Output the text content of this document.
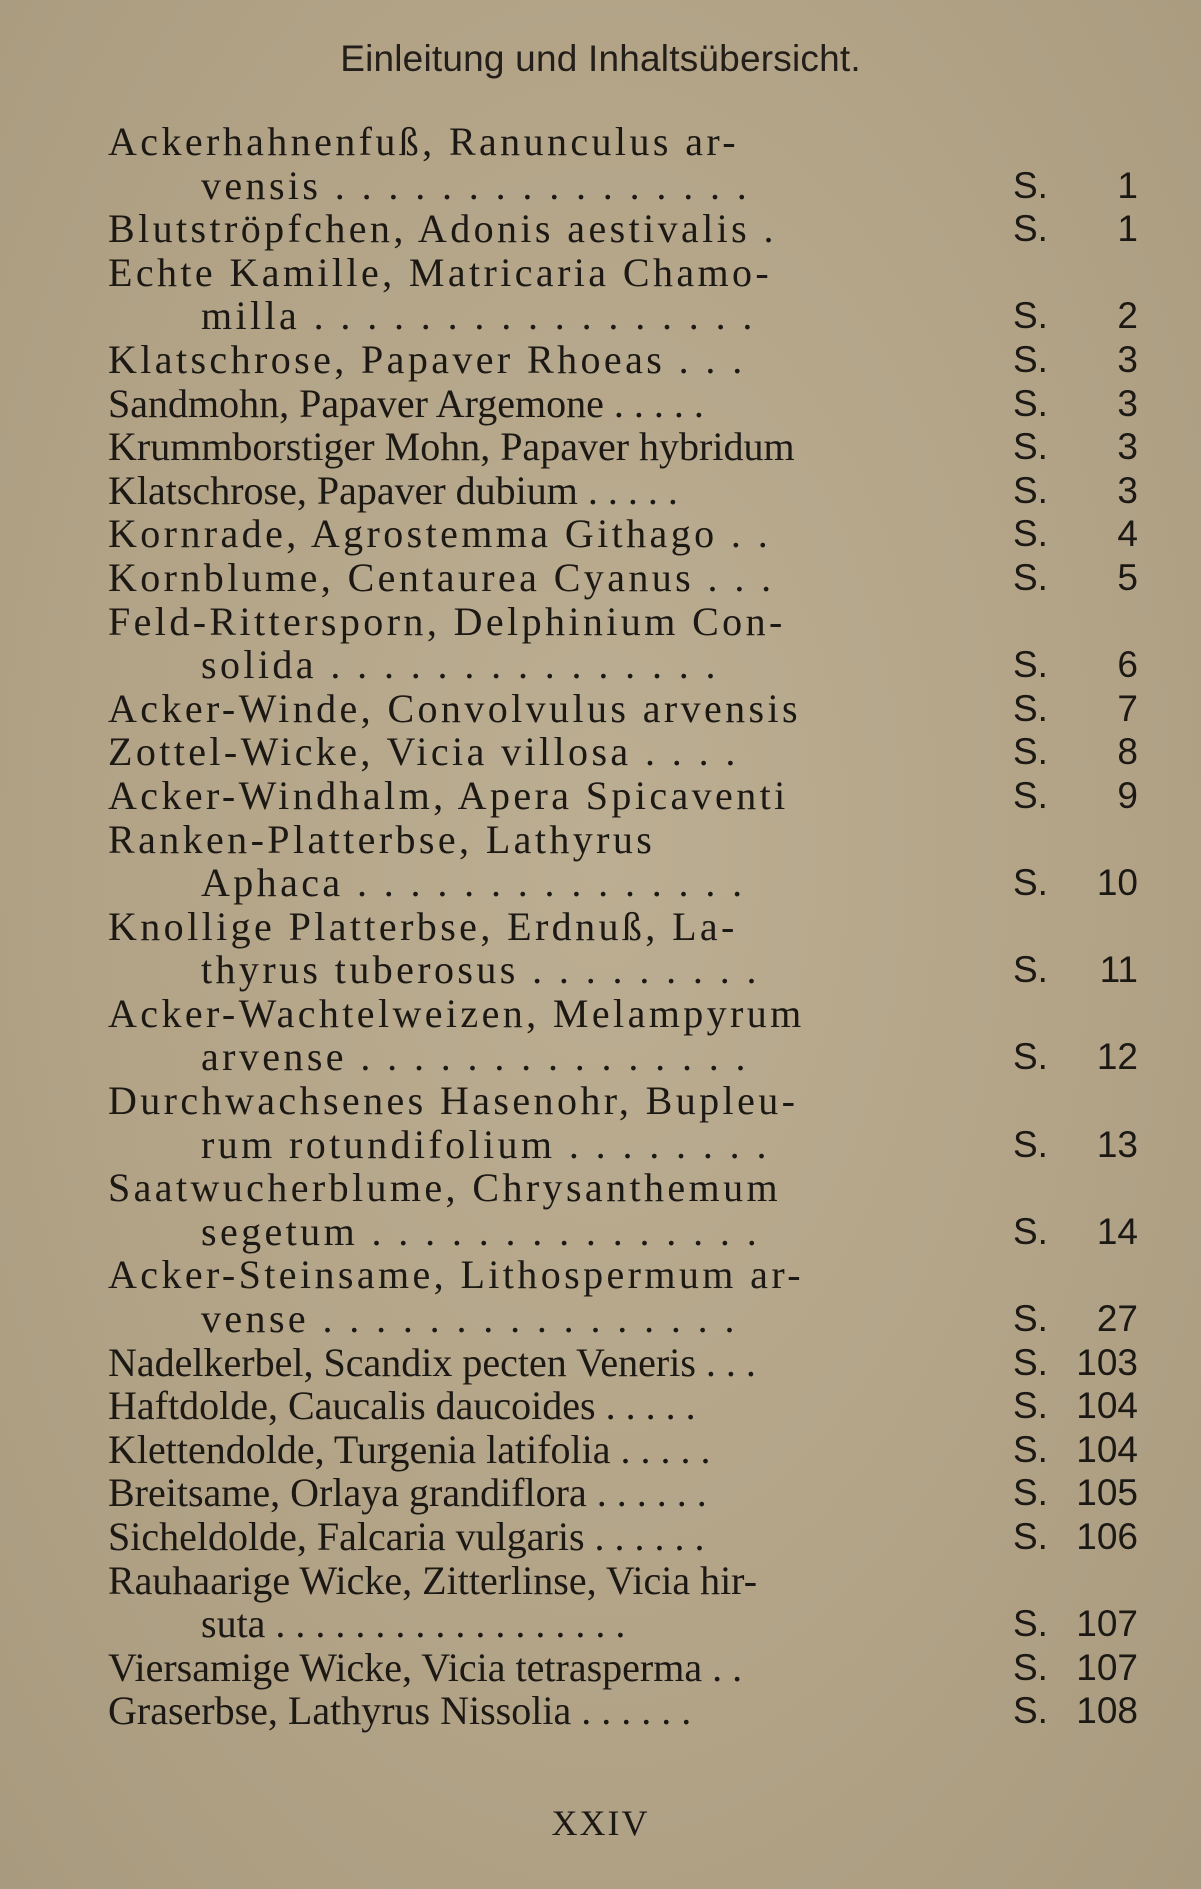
Einleitung und Inhaltsübersicht.
Ackerhahnenfuß, Ranunculus ar-
vensis . . . . . . . . . . . . . . . .	S. 1
Blutströpfchen, Adonis aestivalis .	S. 1
Echte Kamille, Matricaria Chamo-
milla . . . . . . . . . . . . . . . . .	S. 2
Klatschrose, Papaver Rhoeas . . .	S. 3
Sandmohn, Papaver Argemone . . . . .	S. 3
Krummborstiger Mohn, Papaver hybridum	S. 3
Klatschrose, Papaver dubium . . . . .	S. 3
Kornrade, Agrostemma Githago . .	S. 4
Kornblume, Centaurea Cyanus . . .	S. 5
Feld-Rittersporn, Delphinium Con-
solida . . . . . . . . . . . . . . .	S. 6
Acker-Winde, Convolvulus arvensis	S. 7
Zottel-Wicke, Vicia villosa . . . .	S. 8
Acker-Windhalm, Apera Spicaventi	S. 9
Ranken-Platterbse, Lathyrus
Aphaca . . . . . . . . . . . . . . .	S. 10
Knollige Platterbse, Erdnuß, La-
thyrus tuberosus . . . . . . . . .	S. 11
Acker-Wachtelweizen, Melampyrum
arvense . . . . . . . . . . . . . . .	S. 12
Durchwachsenes Hasenohr, Bupleu-
rum rotundifolium . . . . . . . .	S. 13
Saatwucherblume, Chrysanthemum
segetum . . . . . . . . . . . . . . .	S. 14
Acker-Steinsame, Lithospermum ar-
vense . . . . . . . . . . . . . . . .	S. 27
Nadelkerbel, Scandix pecten Veneris . . .	S. 103
Haftdolde, Caucalis daucoides . . . . .	S. 104
Klettendolde, Turgenia latifolia . . . . .	S. 104
Breitsame, Orlaya grandiflora . . . . . .	S. 105
Sicheldolde, Falcaria vulgaris . . . . . .	S. 106
Rauhaarige Wicke, Zitterlinse, Vicia hir-
suta . . . . . . . . . . . . . . . . . .	S. 107
Viersamige Wicke, Vicia tetrasperma . .	S. 107
Graserbse, Lathyrus Nissolia . . . . . .	S. 108
XXIV
